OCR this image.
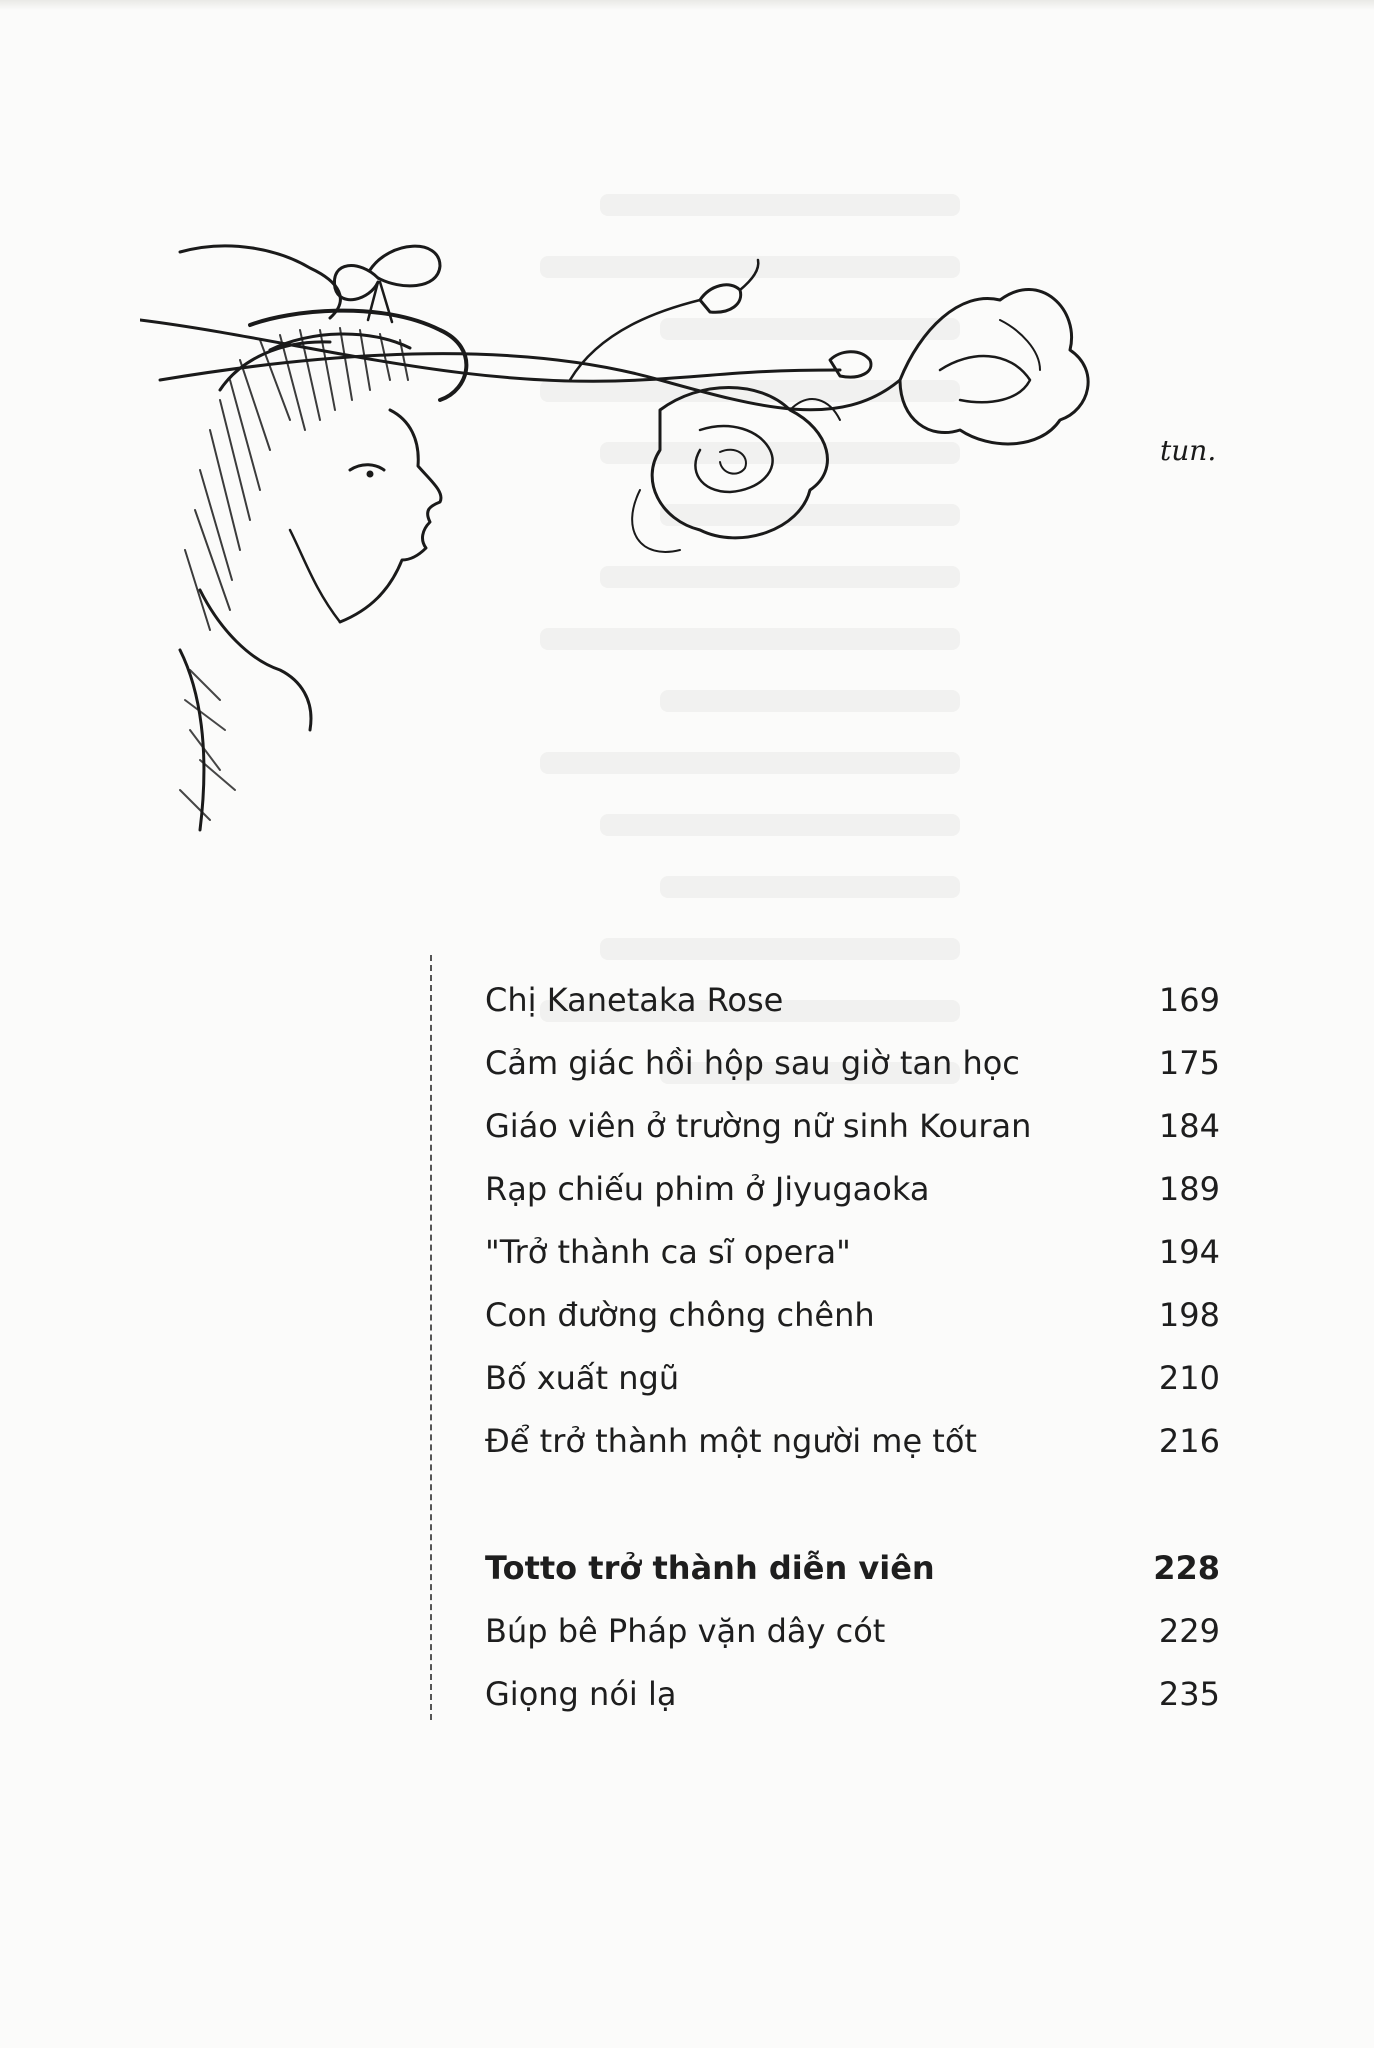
tun.
Chị Kanetaka Rose	169
Cảm giác hồi hộp sau giờ tan học	175
Giáo viên ở trường nữ sinh Kouran	184
Rạp chiếu phim ở Jiyugaoka	189
"Trở thành ca sĩ opera"	194
Con đường chông chênh	198
Bố xuất ngũ	210
Để trở thành một người mẹ tốt	216
Totto trở thành diễn viên	228
Búp bê Pháp vặn dây cót	229
Giọng nói lạ	235
